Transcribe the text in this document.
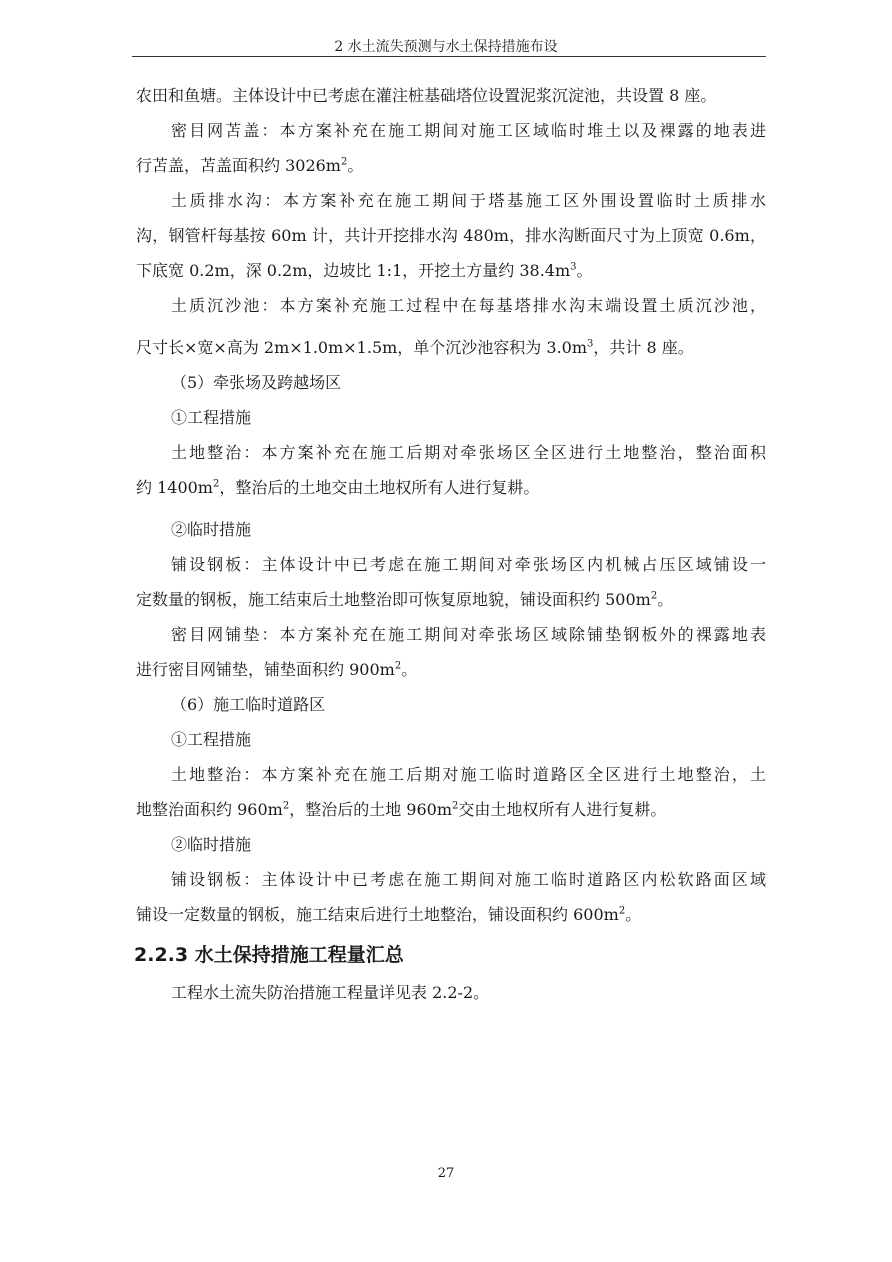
2 水土流失预测与水土保持措施布设
农田和鱼塘。主体设计中已考虑在灌注桩基础塔位设置泥浆沉淀池，共设置 8 座。
密目网苫盖：本方案补充在施工期间对施工区域临时堆土以及裸露的地表进
行苫盖，苫盖面积约 $3026m^2$。
土质排水沟：本方案补充在施工期间于塔基施工区外围设置临时土质排水
沟，钢管杆每基按 60m 计，共计开挖排水沟 480m，排水沟断面尺寸为上顶宽 0.6m，
下底宽 0.2m，深 0.2m，边坡比 1:1，开挖土方量约 $38.4m^3$。
土质沉沙池：本方案补充施工过程中在每基塔排水沟末端设置土质沉沙池，
尺寸长×宽×高为 2m×1.0m×1.5m，单个沉沙池容积为 $3.0m^3$，共计 8 座。
（5）牵张场及跨越场区
①工程措施
土地整治：本方案补充在施工后期对牵张场区全区进行土地整治，整治面积
约 $1400m^2$，整治后的土地交由土地权所有人进行复耕。
②临时措施
铺设钢板：主体设计中已考虑在施工期间对牵张场区内机械占压区域铺设一
定数量的钢板，施工结束后土地整治即可恢复原地貌，铺设面积约 $500m^2$。
密目网铺垫：本方案补充在施工期间对牵张场区域除铺垫钢板外的裸露地表
进行密目网铺垫，铺垫面积约 $900m^2$。
（6）施工临时道路区
①工程措施
土地整治：本方案补充在施工后期对施工临时道路区全区进行土地整治，土
地整治面积约 $960m^2$，整治后的土地 $960m^2$交由土地权所有人进行复耕。
②临时措施
铺设钢板：主体设计中已考虑在施工期间对施工临时道路区内松软路面区域
铺设一定数量的钢板，施工结束后进行土地整治，铺设面积约 $600m^2$。
2.2.3 水土保持措施工程量汇总
工程水土流失防治措施工程量详见表 2.2-2。
27
